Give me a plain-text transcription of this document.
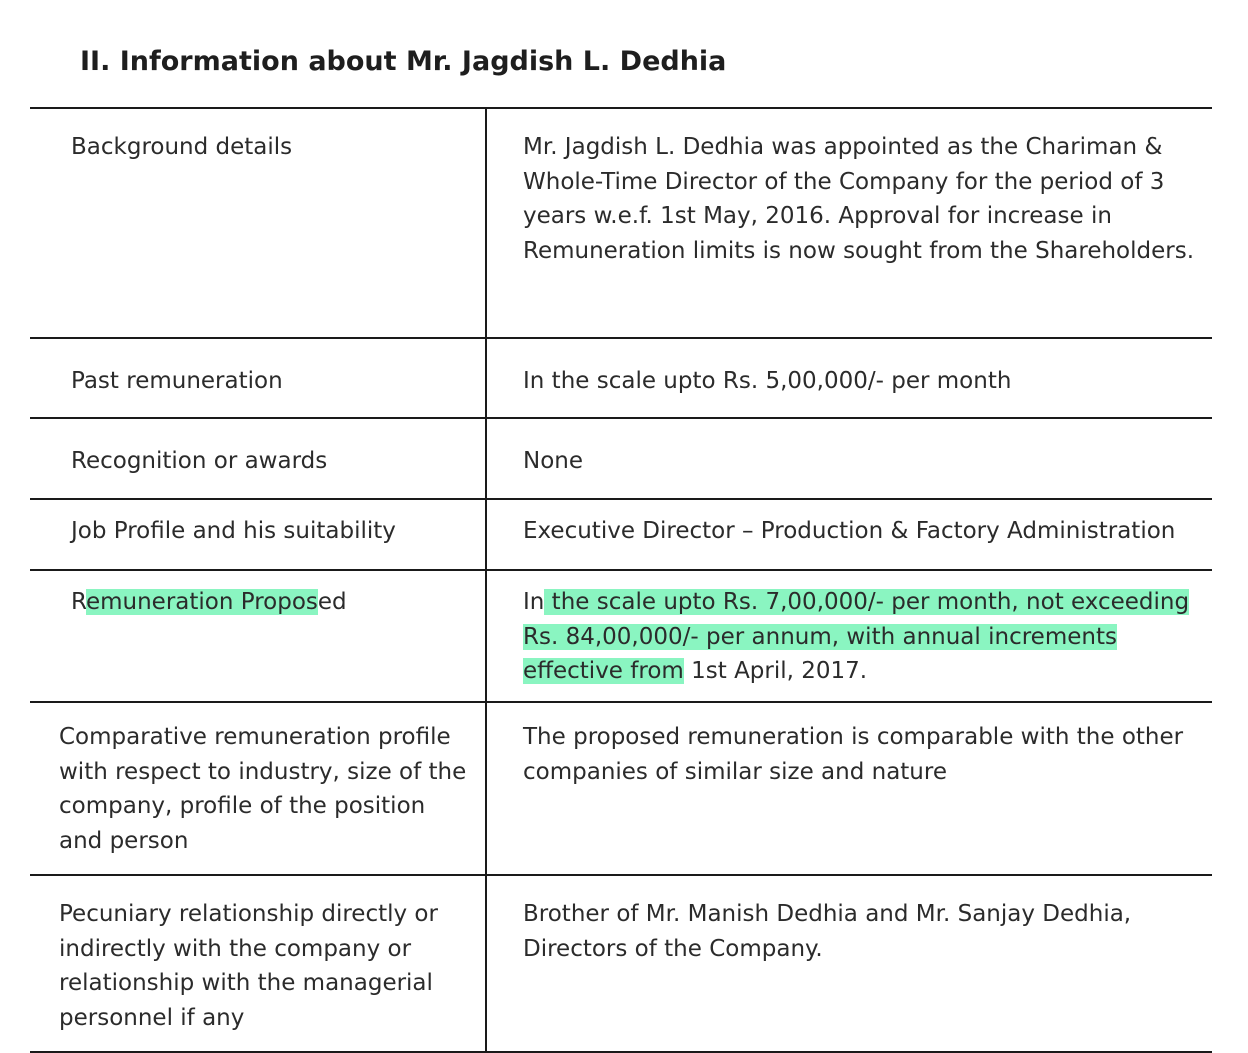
II. Information about Mr. Jagdish L. Dedhia
Background details	Mr. Jagdish L. Dedhia was appointed as the Chariman & Whole-Time Director of the Company for the period of 3 years w.e.f. 1st May, 2016. Approval for increase in Remuneration limits is now sought from the Shareholders.

Past remuneration	In the scale upto Rs. 5,00,000/- per month

Recognition or awards	None

Job Profile and his suitability	Executive Director – Production & Factory Administration

Remuneration Proposed	In the scale upto Rs. 7,00,000/- per month, not exceeding Rs. 84,00,000/- per annum, with annual increments effective from 1st April, 2017.

Comparative remuneration profile with respect to industry, size of the company, profile of the position and person	The proposed remuneration is comparable with the other companies of similar size and nature

Pecuniary relationship directly or indirectly with the company or relationship with the managerial personnel if any	Brother of Mr. Manish Dedhia and Mr. Sanjay Dedhia, Directors of the Company.
